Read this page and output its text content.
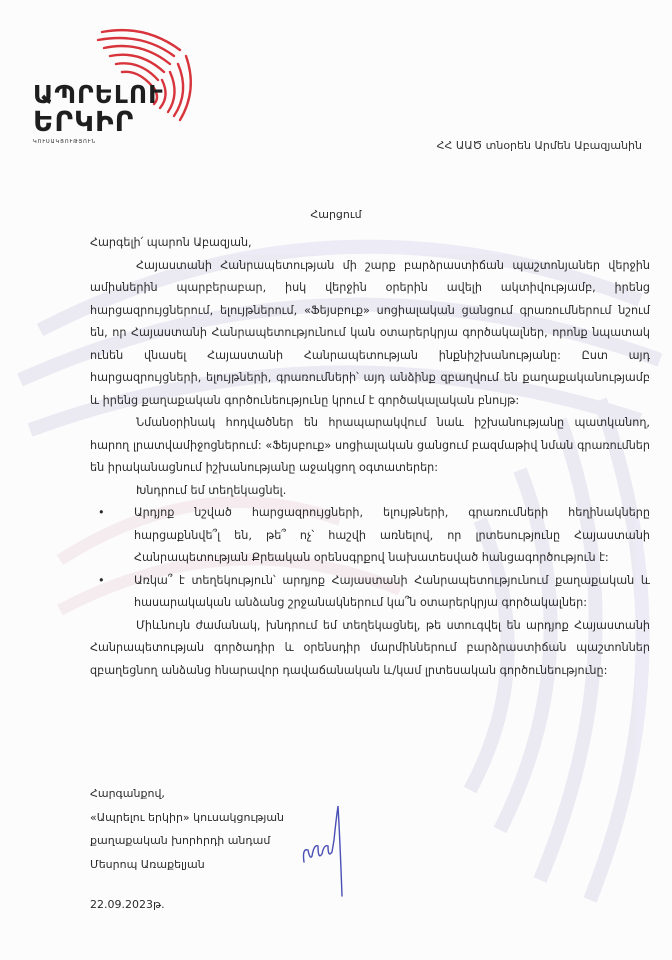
ԱՊՐԵԼՈՒ
ԵՐԿԻՐ
ԿՈՒՍԱԿՑՈՒԹՅՈՒՆ	ՀՀ ԱԱԾ տնօրեն Արմեն Աբազյանին
Հարցում

Հարգելի՛ պարոն Աբազյան,

Հայաստանի Հանրապետության մի շարք բարձրաստիճան պաշտոնյաներ վերջին ամիսներին պարբերաբար, իսկ վերջին օրերին ավելի ակտիվությամբ, իրենց հարցազրույցներում, ելույթներում, «Ֆեյսբուք» սոցիալական ցանցում գրառումներում նշում են, որ Հայաստանի Հանրապետությունում կան օտարերկրյա գործակալներ, որոնք նպատակ ունեն վնասել Հայաստանի Հանրապետության ինքնիշխանությանը: Ըստ այդ հարցազրույցների, ելույթների, գրառումների՝ այդ անձինք զբաղվում են քաղաքականությամբ և իրենց քաղաքական գործունեությունը կրում է գործակալական բնույթ:

Նմանօրինակ հոդվածներ են հրապարակվում նաև իշխանությանը պատկանող, հարող լրատվամիջոցներում: «Ֆեյսբուք» սոցիալական ցանցում բազմաթիվ նման գրառումներ են իրականացնում իշխանությանը աջակցող օգտատերեր:

Խնդրում եմ տեղեկացնել.

•	Արդյոք նշված հարցազրույցների, ելույթների, գրառումների հեղինակները հարցաքննվե՞լ են, թե՞ ոչ՝ հաշվի առնելով, որ լրտեսությունը Հայաստանի Հանրապետության Քրեական օրենսգրքով նախատեսված հանցագործություն է:
•	Առկա՞ է տեղեկություն՝ արդյոք Հայաստանի Հանրապետությունում քաղաքական և հասարակական անձանց շրջանակներում կա՞ն օտարերկրյա գործակալներ:

Միևնույն ժամանակ, խնդրում եմ տեղեկացնել, թե ստուգվել են արդյոք Հայաստանի Հանրապետության գործադիր և օրենսդիր մարմիններում բարձրաստիճան պաշտոններ զբաղեցնող անձանց հնարավոր դավաճանական և/կամ լրտեսական գործունեությունը:

Հարգանքով,
«Ապրելու երկիր» կուսակցության
քաղաքական խորհրդի անդամ
Մեսրոպ Առաքելյան
22.09.2023թ.
